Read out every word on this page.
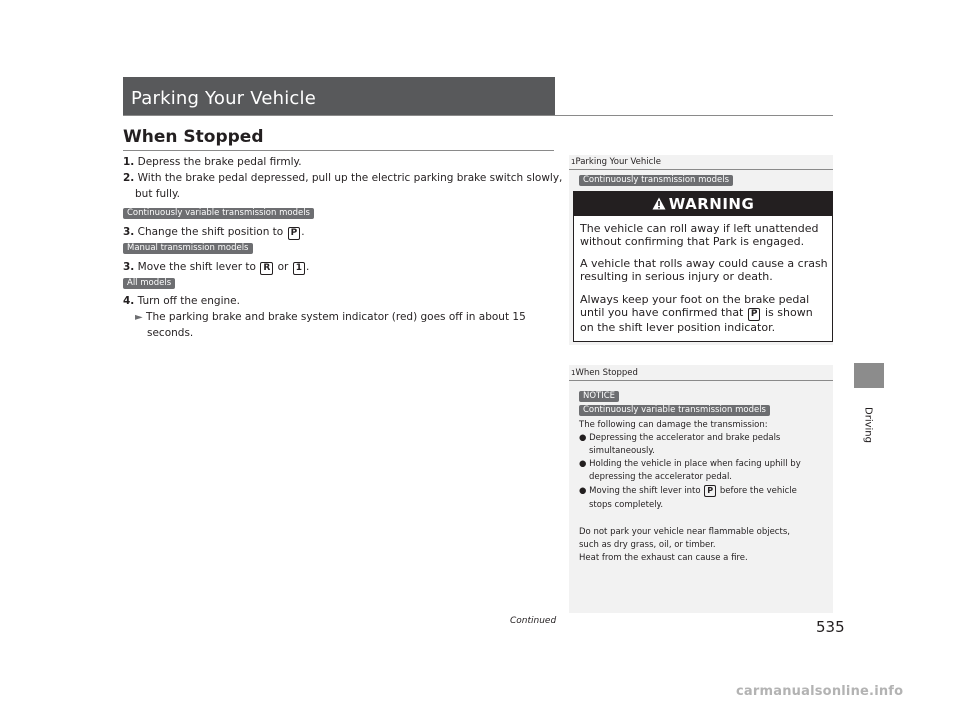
Parking Your Vehicle
When Stopped
1. Depress the brake pedal firmly.
2. With the brake pedal depressed, pull up the electric parking brake switch slowly,
but fully.
Continuously variable transmission models
3. Change the shift position to P .
Manual transmission models
3. Move the shift lever to R or 1 .
All models
4. Turn off the engine.
► The parking brake and brake system indicator (red) goes off in about 15
seconds.
1Parking Your Vehicle
Continuously transmission models
WARNING
The vehicle can roll away if left unattended
without confirming that Park is engaged.
A vehicle that rolls away could cause a crash
resulting in serious injury or death.
Always keep your foot on the brake pedal
until you have confirmed that P is shown
on the shift lever position indicator.
1When Stopped
NOTICE
Continuously variable transmission models
The following can damage the transmission:
● Depressing the accelerator and brake pedals
simultaneously.
● Holding the vehicle in place when facing uphill by
depressing the accelerator pedal.
● Moving the shift lever into P before the vehicle
stops completely.
Do not park your vehicle near flammable objects,
such as dry grass, oil, or timber.
Heat from the exhaust can cause a fire.
Driving
Continued	535
carmanualsonline.info
